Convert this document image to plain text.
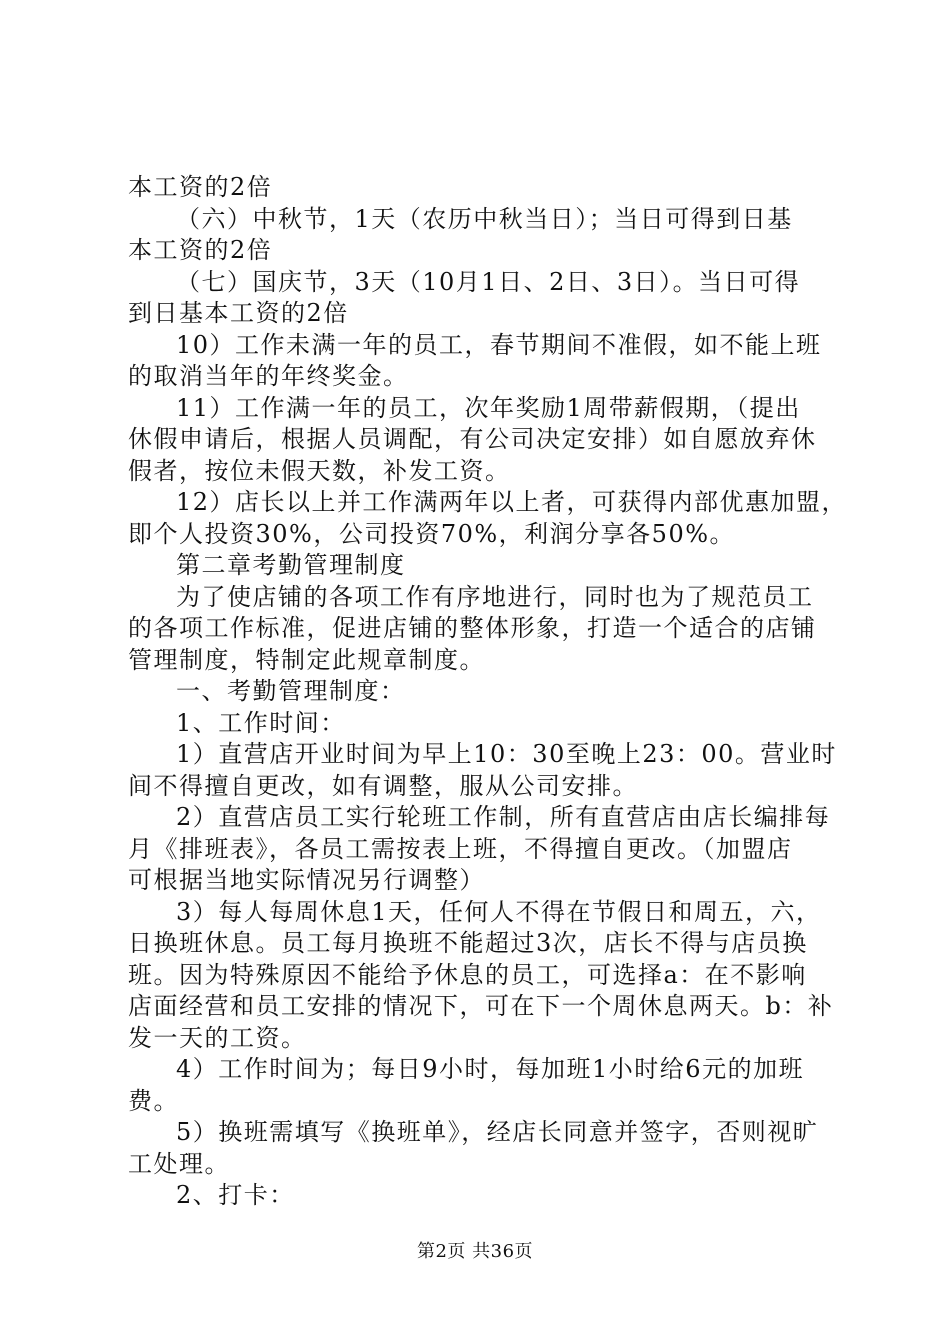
本工资的2倍
（六）中秋节，1天（农历中秋当日）；当日可得到日基
本工资的2倍
（七）国庆节，3天（10月1日、2日、3日）。当日可得
到日基本工资的2倍
10）工作未满一年的员工，春节期间不准假，如不能上班
的取消当年的年终奖金。
11）工作满一年的员工，次年奖励1周带薪假期，（提出
休假申请后，根据人员调配，有公司决定安排）如自愿放弃休
假者，按位未假天数，补发工资。
12）店长以上并工作满两年以上者，可获得内部优惠加盟，
即个人投资30%，公司投资70%，利润分享各50%。
第二章考勤管理制度
为了使店铺的各项工作有序地进行，同时也为了规范员工
的各项工作标准，促进店铺的整体形象，打造一个适合的店铺
管理制度，特制定此规章制度。
一、考勤管理制度：
1、工作时间：
1）直营店开业时间为早上10：30至晚上23：00。营业时
间不得擅自更改，如有调整，服从公司安排。
2）直营店员工实行轮班工作制，所有直营店由店长编排每
月《排班表》，各员工需按表上班，不得擅自更改。（加盟店
可根据当地实际情况另行调整）
3）每人每周休息1天，任何人不得在节假日和周五，六，
日换班休息。员工每月换班不能超过3次，店长不得与店员换
班。因为特殊原因不能给予休息的员工，可选择a：在不影响
店面经营和员工安排的情况下，可在下一个周休息两天。b：补
发一天的工资。
4）工作时间为；每日9小时，每加班1小时给6元的加班
费。
5）换班需填写《换班单》，经店长同意并签字，否则视旷
工处理。
2、打卡：
第2页 共36页
